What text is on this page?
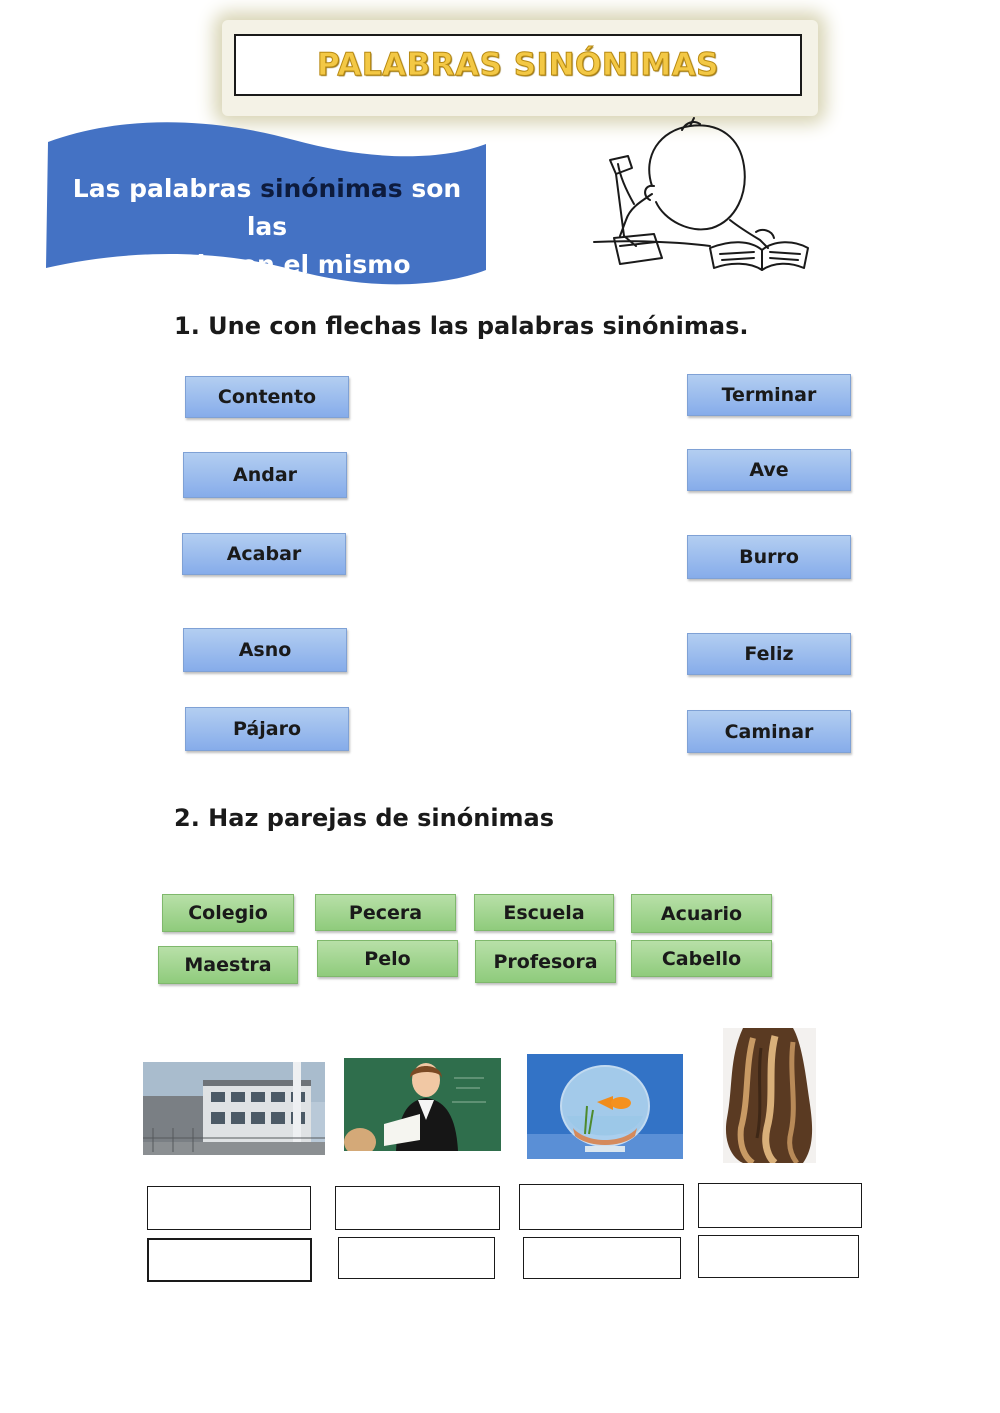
PALABRAS SINÓNIMAS
Las palabras sinónimas son las
que tienen el mismo significado
1. Une con flechas las palabras sinónimas.
Contento
Andar
Acabar
Asno
Pájaro
Terminar
Ave
Burro
Feliz
Caminar
2. Haz parejas de sinónimas
Colegio	Pecera	Escuela	Acuario
Maestra	Pelo	Profesora	Cabello
